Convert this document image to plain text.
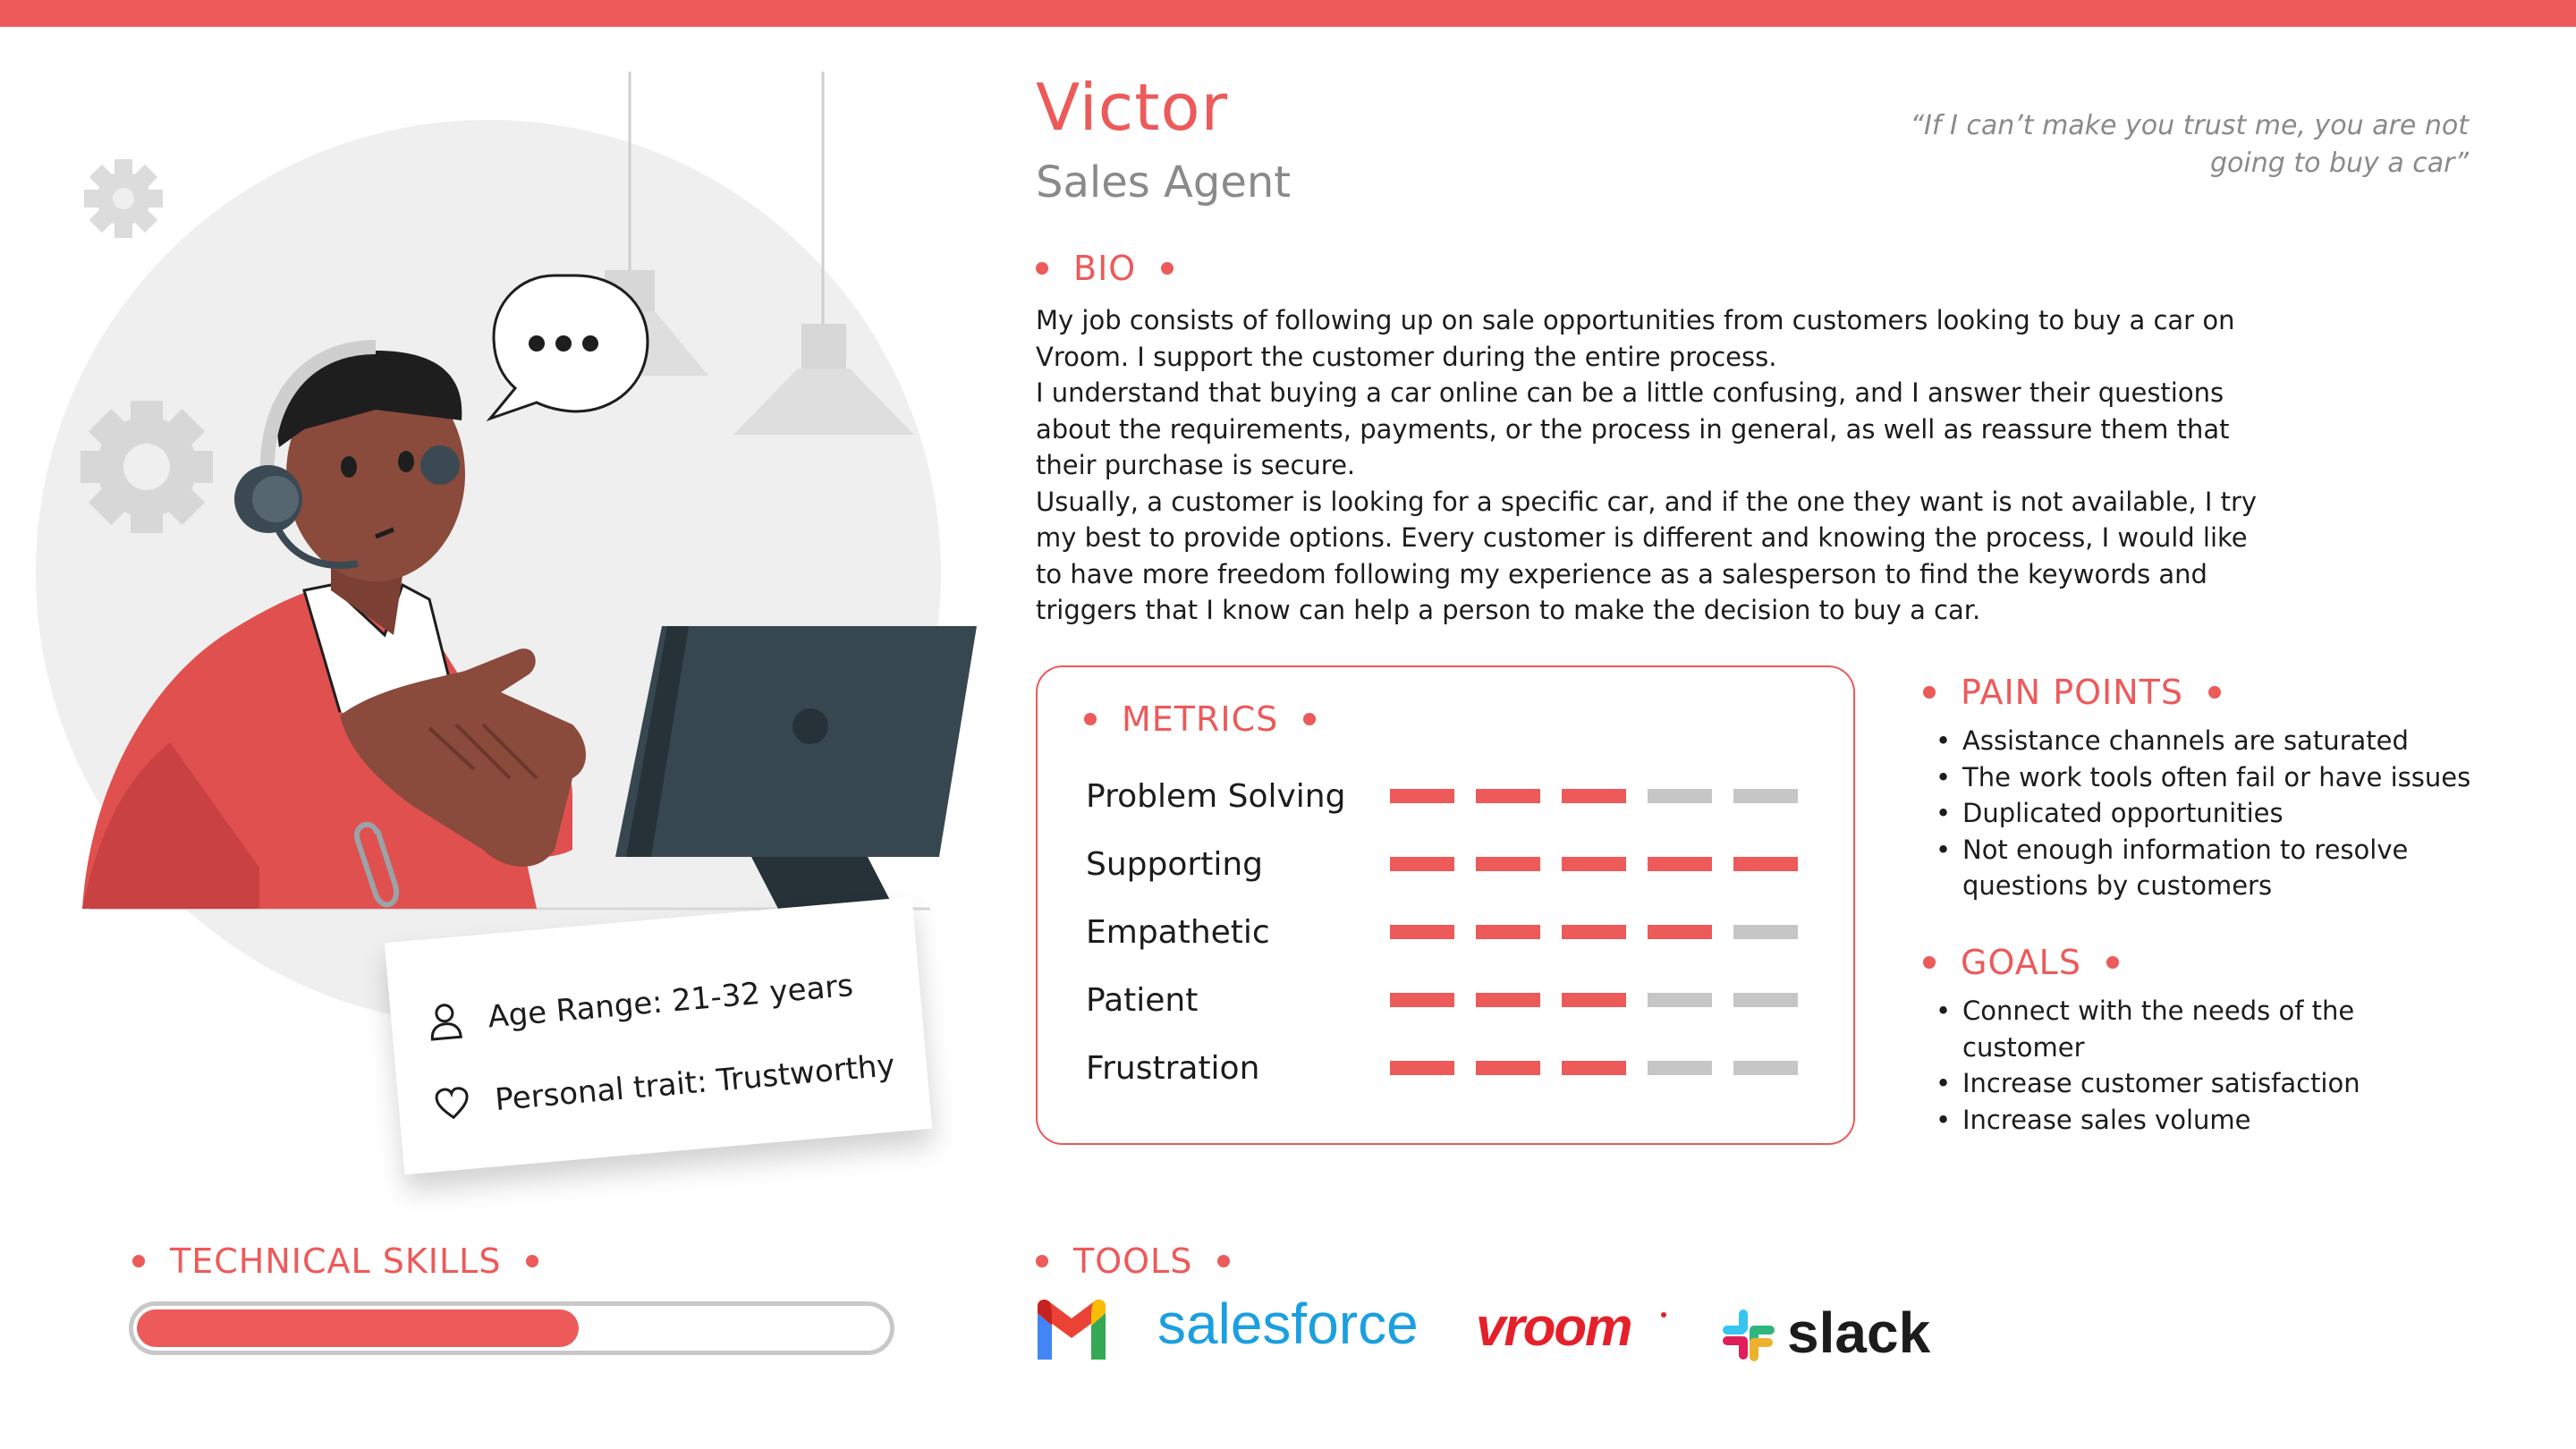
Age Range: 21-32 years
Personal trait: Trustworthy
Victor
Sales Agent
“If I can’t make you trust me, you are not going to buy a car”
BIO

My job consists of following up on sale opportunities from customers looking to buy a car on Vroom. I support the customer during the entire process.

I understand that buying a car online can be a little confusing, and I answer their questions about the requirements, payments, or the process in general, as well as reassure them that their purchase is secure.

Usually, a customer is looking for a specific car, and if the one they want is not available, I try my best to provide options. Every customer is different and knowing the process, I would like to have more freedom following my experience as a salesperson to find the keywords and triggers that I know can help a person to make the decision to buy a car.

METRICS
Problem Solving
Supporting
Empathetic
Patient
Frustration
PAIN POINTS
• Assistance channels are saturated
• The work tools often fail or have issues
• Duplicated opportunities
• Not enough information to resolve questions by customers
GOALS
• Connect with the needs of the customer
• Increase customer satisfaction
• Increase sales volume
TECHNICAL SKILLS	TOOLS
salesforce vroom	slack
